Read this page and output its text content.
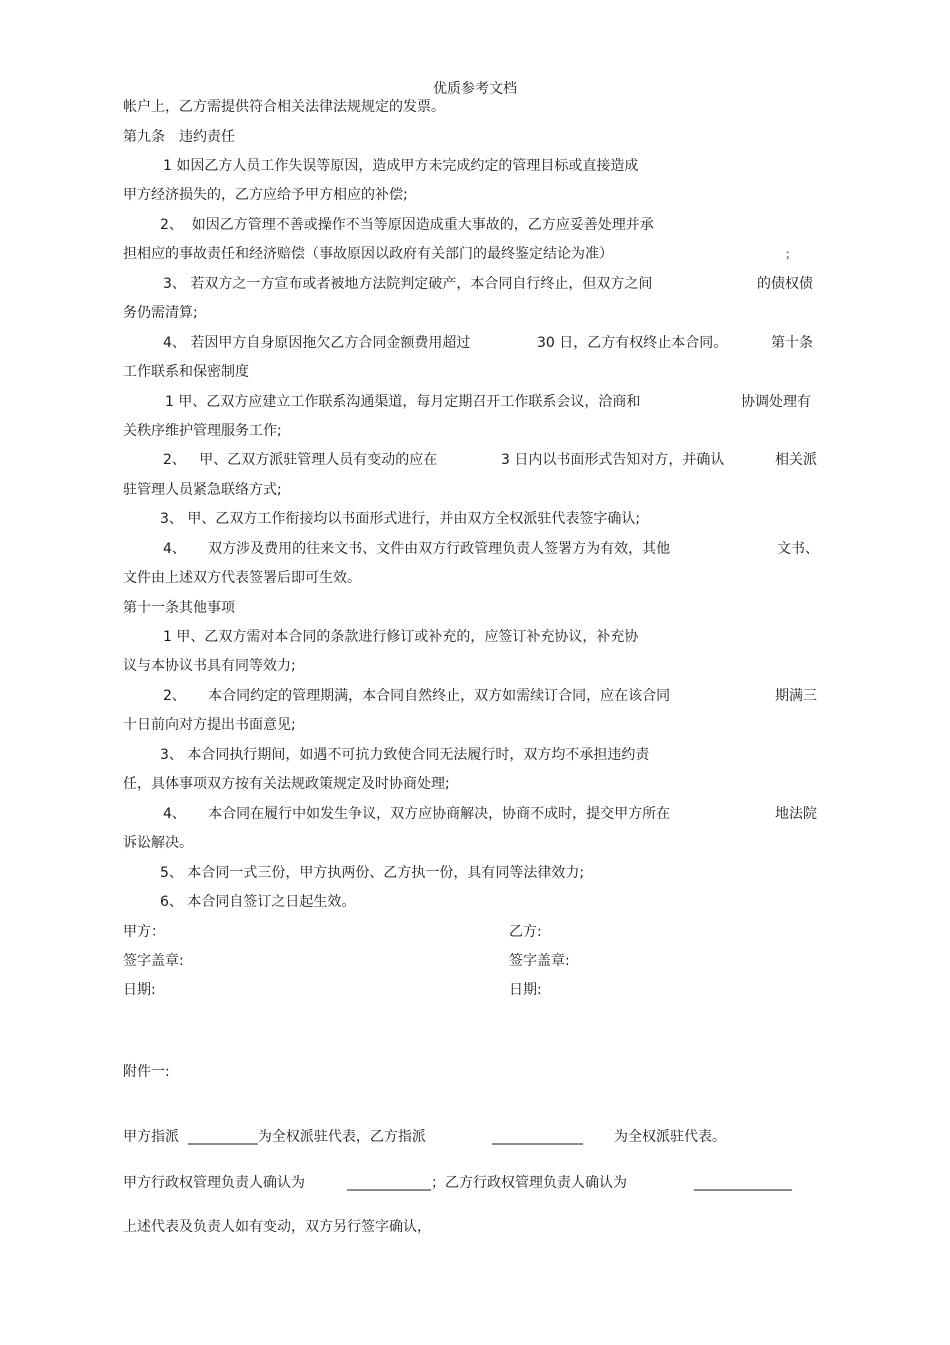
优质参考文档
帐户上，乙方需提供符合相关法律法规规定的发票。
第九条　违约责任
1 如因乙方人员工作失误等原因，造成甲方未完成约定的管理目标或直接造成
甲方经济损失的，乙方应给予甲方相应的补偿;
2、  如因乙方管理不善或操作不当等原因造成重大事故的，乙方应妥善处理并承
担相应的事故责任和经济赔偿（事故原因以政府有关部门的最终鉴定结论为准）	；
3、 若双方之一方宣布或者被地方法院判定破产，本合同自行终止，但双方之间	的债权债
务仍需清算;
4、 若因甲方自身原因拖欠乙方合同金额费用超过	30 日，乙方有权终止本合同。	第十条
工作联系和保密制度
1 甲、乙双方应建立工作联系沟通渠道，每月定期召开工作联系会议，洽商和	协调处理有
关秩序维护管理服务工作;
2、   甲、乙双方派驻管理人员有变动的应在	3 日内以书面形式告知对方，并确认	相关派
驻管理人员紧急联络方式;
3、 甲、乙双方工作衔接均以书面形式进行，并由双方全权派驻代表签字确认;
4、     双方涉及费用的往来文书、文件由双方行政管理负责人签署方为有效，其他	文书、
文件由上述双方代表签署后即可生效。
第十一条其他事项
1 甲、乙双方需对本合同的条款进行修订或补充的，应签订补充协议，补充协
议与本协议书具有同等效力;
2、     本合同约定的管理期满，本合同自然终止，双方如需续订合同，应在该合同	期满三
十日前向对方提出书面意见;
3、 本合同执行期间，如遇不可抗力致使合同无法履行时，双方均不承担违约责
任，具体事项双方按有关法规政策规定及时协商处理;
4、     本合同在履行中如发生争议，双方应协商解决，协商不成时，提交甲方所在	地法院
诉讼解决。
5、 本合同一式三份，甲方执两份、乙方执一份，具有同等法律效力;
6、 本合同自签订之日起生效。
甲方：	乙方:
签字盖章:	签字盖章:
日期:	日期:
附件一:
甲方指派  __________为全权派驻代表，乙方指派	_____________ 为全权派驻代表。
甲方行政权管理负责人确认为	____________；乙方行政权管理负责人确认为	______________
上述代表及负责人如有变动，双方另行签字确认，
